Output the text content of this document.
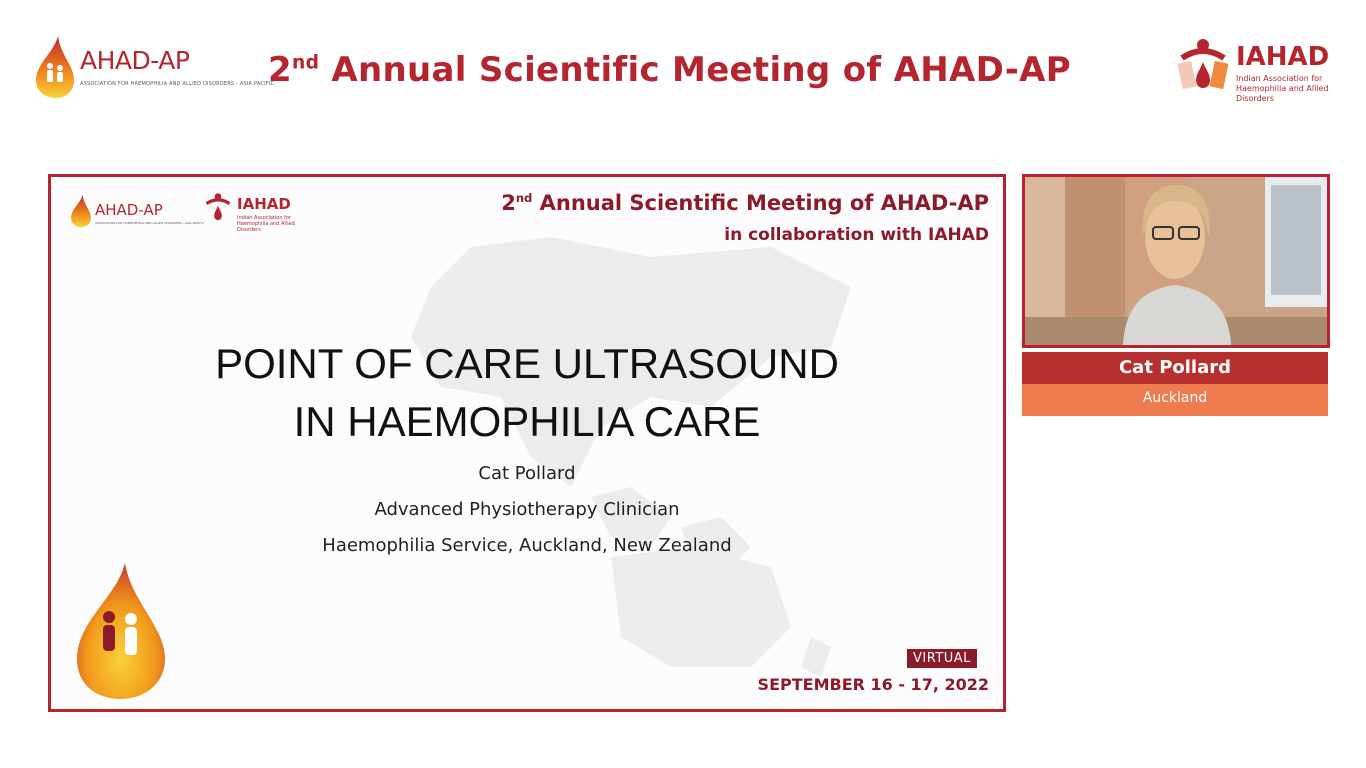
AHAD-AP
ASSOCIATION FOR HAEMOPHILIA AND ALLIED DISORDERS - ASIA PACIFIC
2nd Annual Scientific Meeting of AHAD-AP	IAHAD
Indian Association for Haemophilia and Allied Disorders
AHAD-AP
ASSOCIATION FOR HAEMOPHILIA AND ALLIED DISORDERS - ASIA PACIFIC
IAHAD
Indian Association for Haemophilia and Allied Disorders
2nd Annual Scientific Meeting of AHAD-AP
in collaboration with IAHAD
POINT OF CARE ULTRASOUND
IN HAEMOPHILIA CARE
Cat Pollard
Advanced Physiotherapy Clinician
Haemophilia Service, Auckland, New Zealand
VIRTUAL
SEPTEMBER 16 - 17, 2022
Cat Pollard
Auckland
